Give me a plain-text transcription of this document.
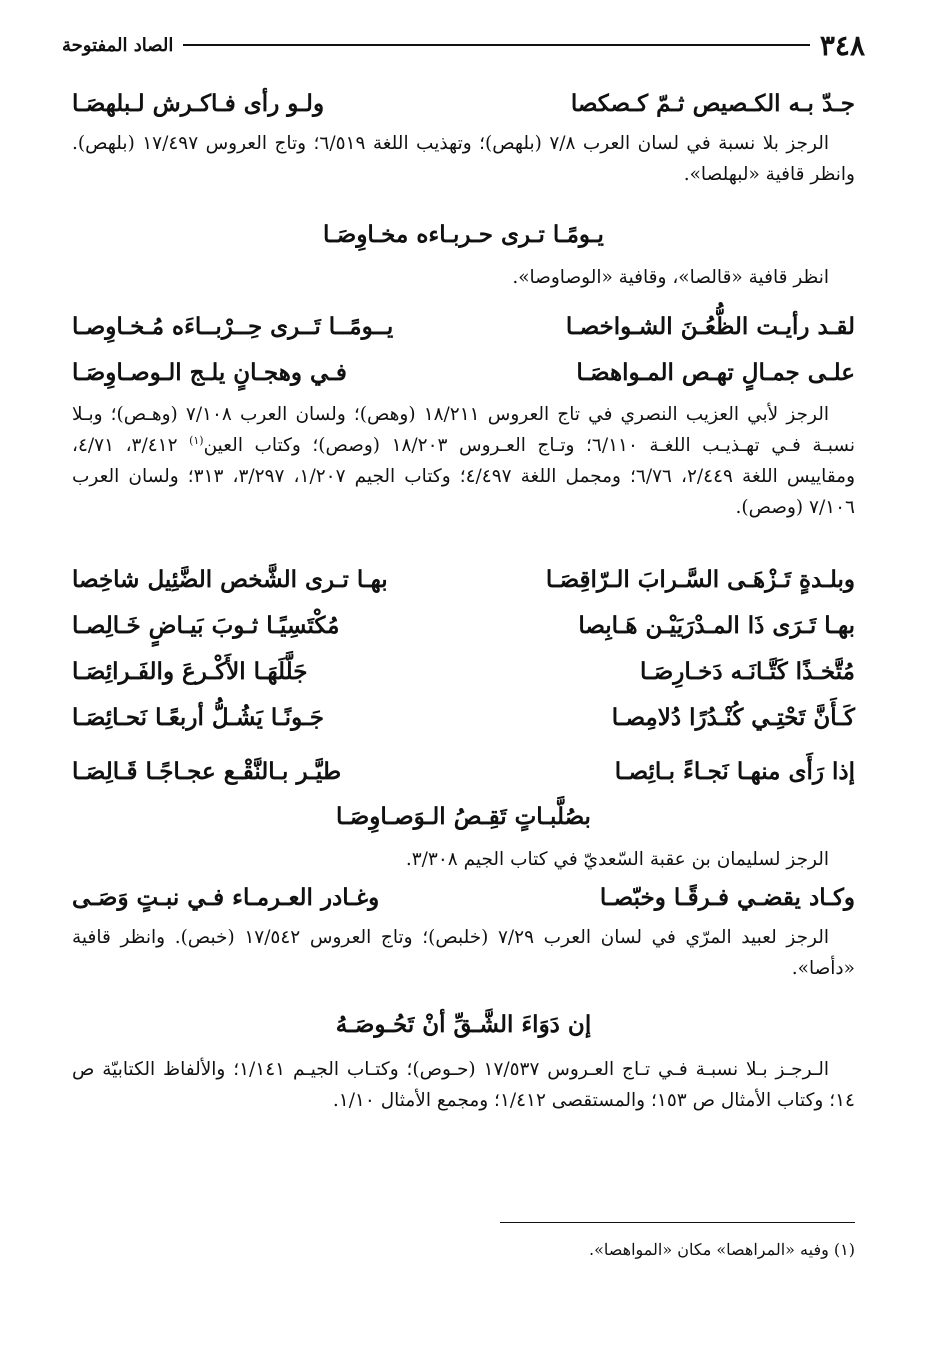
٣٤٨
الصاد المفتوحة
جـدّ بـه الكـصيص ثـمّ كـصكصا
ولـو رأى فـاكـرش لـبلهصَـا

الرجز بلا نسبة في لسان العرب ٧/٨ (بلهص)؛ وتهذيب اللغة ٦/٥١٩؛ وتاج العروس ١٧/٤٩٧ (بلهص). وانظر قافية «لبهلصا».

يـومًـا تـرى حـربـاءه مخـاوِصَـا

انظر قافية «قالصا»، وقافية «الوصاوصا».

لقـد رأيـت الظُّعُـنَ الشـواخصـا
يــومًــا تَــرى حِــرْبــاءَه مُـخـاوِصـا
علـى جمـالٍ تهـص المـواهصَـا
فـي وهجـانٍ يلـج الـوصـاوِصَـا

الرجز لأبي العزيب النصري في تاج العروس ١٨/٢١١ (وهص)؛ ولسان العرب ٧/١٠٨ (وهـص)؛ وبـلا نسبـة فـي تهـذيـب اللغـة ٦/١١٠؛ وتـاج العـروس ١٨/٢٠٣ (وصص)؛ وكتاب العين$^{(١)}$ ٣/٤١٢، ٤/٧١، ومقاييس اللغة ٢/٤٤٩، ٦/٧٦؛ ومجمل اللغة ٤/٤٩٧؛ وكتاب الجيم ١/٢٠٧، ٣/٢٩٧، ٣١٣؛ ولسان العرب ٧/١٠٦ (وصص).

وبلـدةٍ تَـزْهَـى السَّـرابَ الـرّاقِصَـا
بهـا تـرى الشَّخص الضَّئِيل شاخِصا
بهـا تَـرَى ذَا المـدْرَيَيْـن هَـابِصا
مُكْتَسِيًـا ثـوبَ بَيـاضٍ خَـالِصـا
مُتَّخـذًا كَتَّـانَـه دَخـارِصَـا
جَلَّلَهَـا الأَكْـرعَ والفَـرائِصَـا
كَـأَنَّ تَحْتِـي كُنْـدُرًا دُلامِصـا
جَـونًـا يَشُـلُّ أربعًـا نَحـائِصَـا
إذا رَأَى منهـا نَجـاءً بـائِصـا
طيَّـر بـالنَّقْـع عجـاجًـا قَـالِصَـا
بصُلَّبـاتٍ تَقِـصُ الـوَصـاوِصَـا

الرجز لسليمان بن عقبة السّعديّ في كتاب الجيم ٣/٣٠٨.

وكـاد يقضـي فـرقًـا وخبّصـا
وغـادر العـرمـاء فـي نبـتٍ وَصَـى

الرجز لعبيد المرّي في لسان العرب ٧/٢٩ (خلبص)؛ وتاج العروس ١٧/٥٤٢ (خبص). وانظر قافية «دأصا».

إن دَوَاءَ الشَّـقِّ أنْ تَحُـوصَـهُ

الـرجـز بـلا نسبـة فـي تـاج العـروس ١٧/٥٣٧ (حـوص)؛ وكتـاب الجيـم ١/١٤١؛ والألفاظ الكتابيّة ص ١٤؛ وكتاب الأمثال ص ١٥٣؛ والمستقصى ١/٤١٢؛ ومجمع الأمثال ١/١٠.

(١) وفيه «المراهصا» مكان «المواهصا».
